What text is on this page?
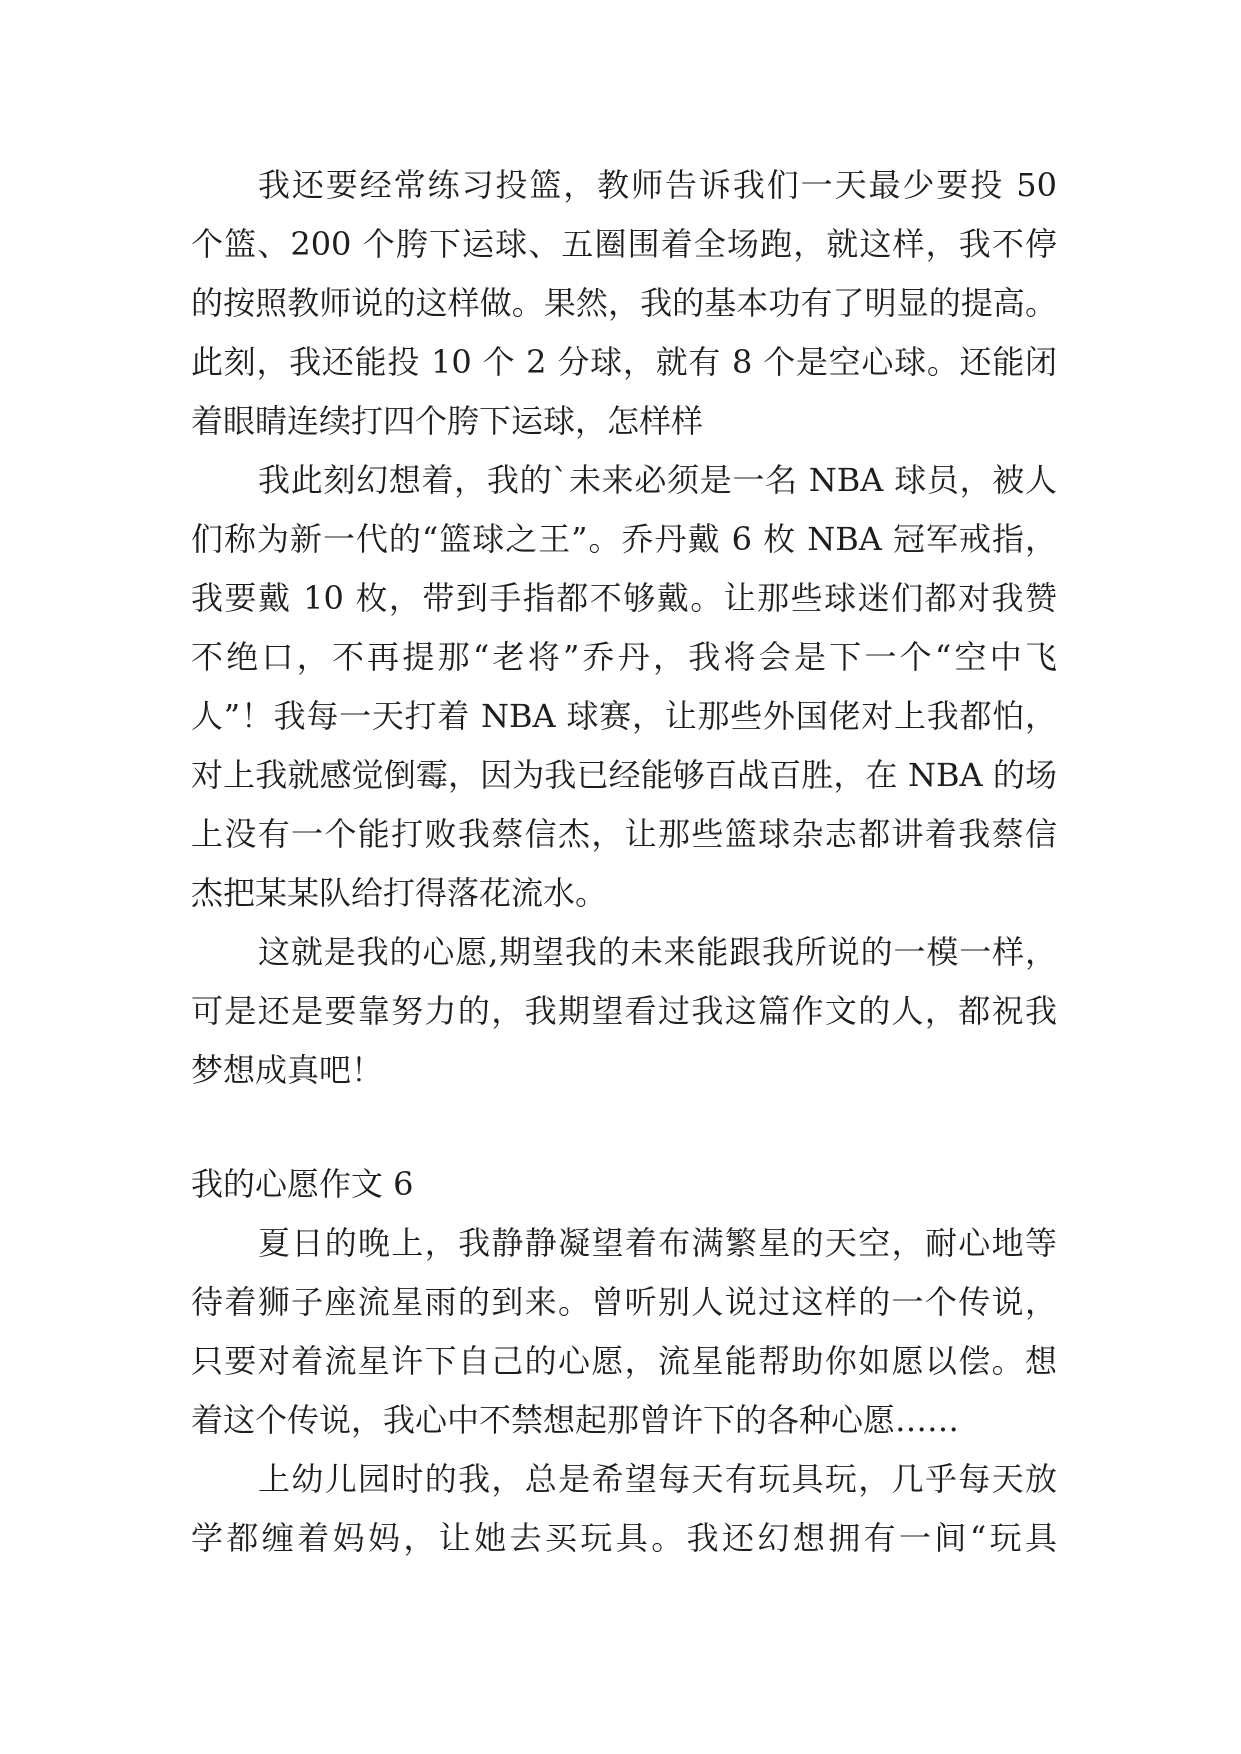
我还要经常练习投篮，教师告诉我们一天最少要投 50
个篮、200 个胯下运球、五圈围着全场跑，就这样，我不停
的按照教师说的这样做。果然，我的基本功有了明显的提高。
此刻，我还能投 10 个 2 分球，就有 8 个是空心球。还能闭
着眼睛连续打四个胯下运球，怎样样
我此刻幻想着，我的`未来必须是一名 NBA 球员，被人
们称为新一代的“篮球之王”。乔丹戴 6 枚 NBA 冠军戒指，
我要戴 10 枚，带到手指都不够戴。让那些球迷们都对我赞
不绝口，不再提那“老将”乔丹，我将会是下一个“空中飞
人”！我每一天打着 NBA 球赛，让那些外国佬对上我都怕，
对上我就感觉倒霉，因为我已经能够百战百胜，在 NBA 的场
上没有一个能打败我蔡信杰，让那些篮球杂志都讲着我蔡信
杰把某某队给打得落花流水。
这就是我的心愿,期望我的未来能跟我所说的一模一样，
可是还是要靠努力的，我期望看过我这篇作文的人，都祝我
梦想成真吧！
我的心愿作文 6
夏日的晚上，我静静凝望着布满繁星的天空，耐心地等
待着狮子座流星雨的到来。曾听别人说过这样的一个传说，
只要对着流星许下自己的心愿，流星能帮助你如愿以偿。想
着这个传说，我心中不禁想起那曾许下的各种心愿……
上幼儿园时的我，总是希望每天有玩具玩，几乎每天放
学都缠着妈妈，让她去买玩具。我还幻想拥有一间“玩具
